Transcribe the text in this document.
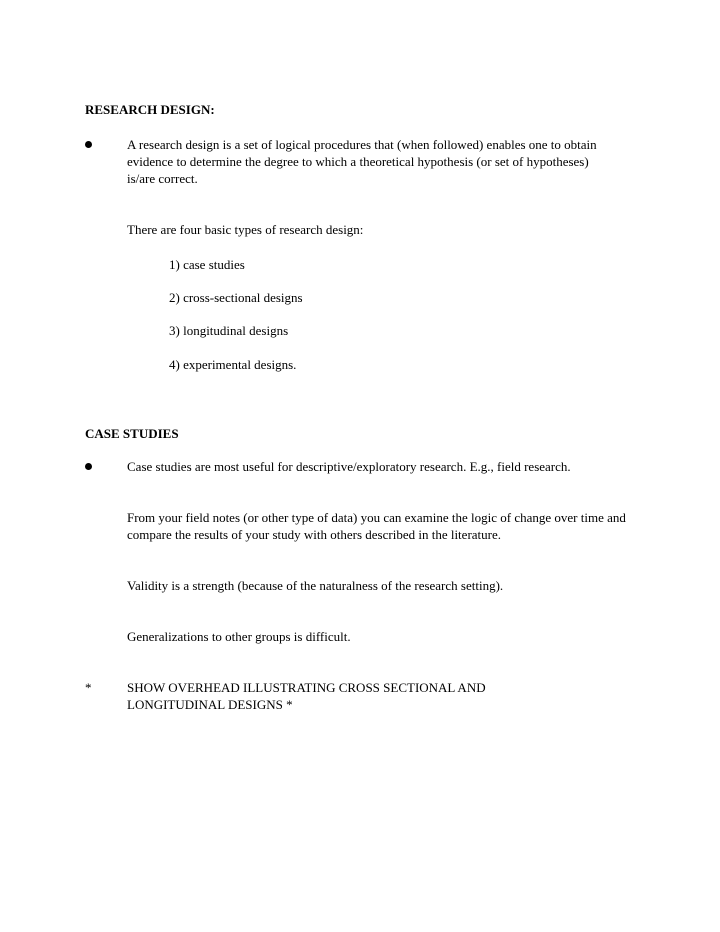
RESEARCH DESIGN:
A research design is a set of logical procedures that (when followed) enables one to obtain evidence to determine the degree to which a theoretical hypothesis (or set of hypotheses) is/are correct.
There are four basic types of research design:
1) case studies
2) cross-sectional designs
3) longitudinal designs
4) experimental designs.
CASE STUDIES
Case studies are most useful for descriptive/exploratory research. E.g., field research.
From your field notes (or other type of data) you can examine the logic of change over time and compare the results of your study with others described in the literature.
Validity is a strength (because of the naturalness of the research setting).
Generalizations to other groups is difficult.
*	SHOW OVERHEAD ILLUSTRATING CROSS SECTIONAL AND LONGITUDINAL DESIGNS *
